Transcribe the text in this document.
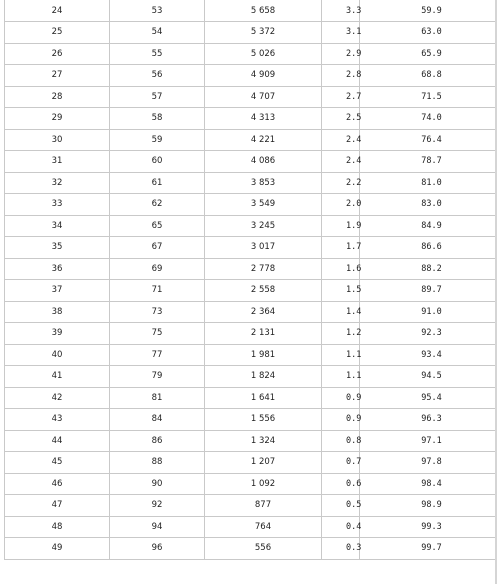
24	53	5 658	3.3	59.9
25	54	5 372	3.1	63.0
26	55	5 026	2.9	65.9
27	56	4 909	2.8	68.8
28	57	4 707	2.7	71.5
29	58	4 313	2.5	74.0
30	59	4 221	2.4	76.4
31	60	4 086	2.4	78.7
32	61	3 853	2.2	81.0
33	62	3 549	2.0	83.0
34	65	3 245	1.9	84.9
35	67	3 017	1.7	86.6
36	69	2 778	1.6	88.2
37	71	2 558	1.5	89.7
38	73	2 364	1.4	91.0
39	75	2 131	1.2	92.3
40	77	1 981	1.1	93.4
41	79	1 824	1.1	94.5
42	81	1 641	0.9	95.4
43	84	1 556	0.9	96.3
44	86	1 324	0.8	97.1
45	88	1 207	0.7	97.8
46	90	1 092	0.6	98.4
47	92	877	0.5	98.9
48	94	764	0.4	99.3
49	96	556	0.3	99.7
